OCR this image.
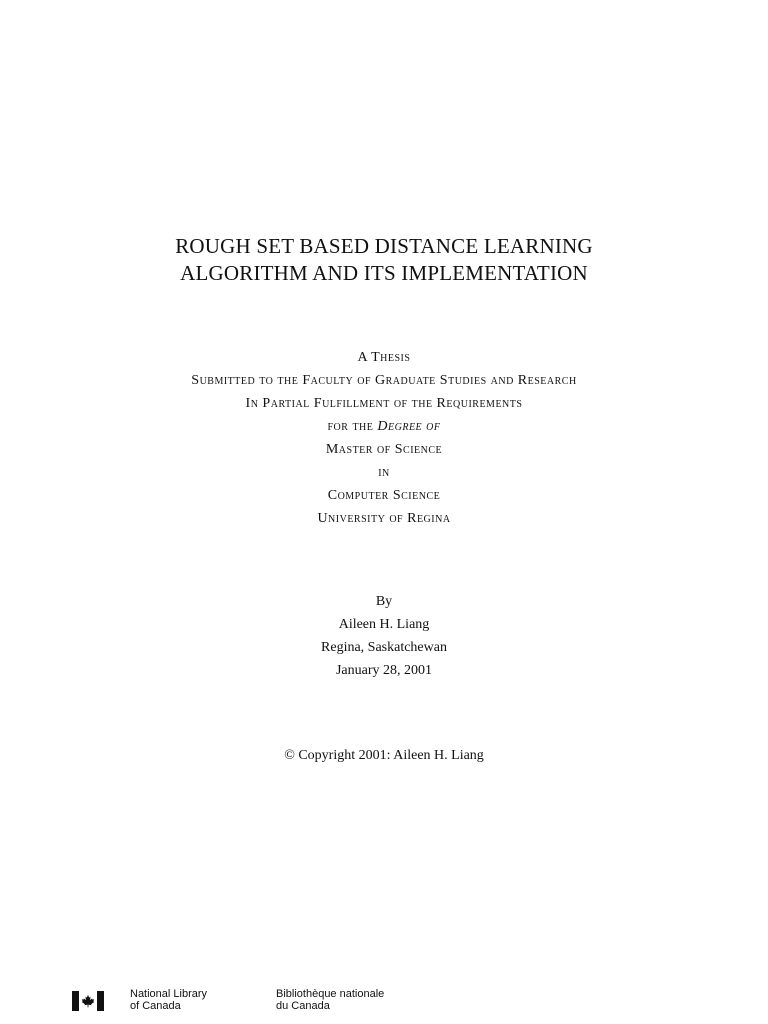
ROUGH SET BASED DISTANCE LEARNING

ALGORITHM AND ITS IMPLEMENTATION

A Thesis

Submitted to the Faculty of Graduate Studies and Research

In Partial Fulfillment of the Requirements

for the Degree of

Master of Science

in

Computer Science

University of Regina

By

Aileen H. Liang

Regina, Saskatchewan

January 28, 2001

© Copyright 2001: Aileen H. Liang

National Library
of Canada
Bibliothèque nationale
du Canada
